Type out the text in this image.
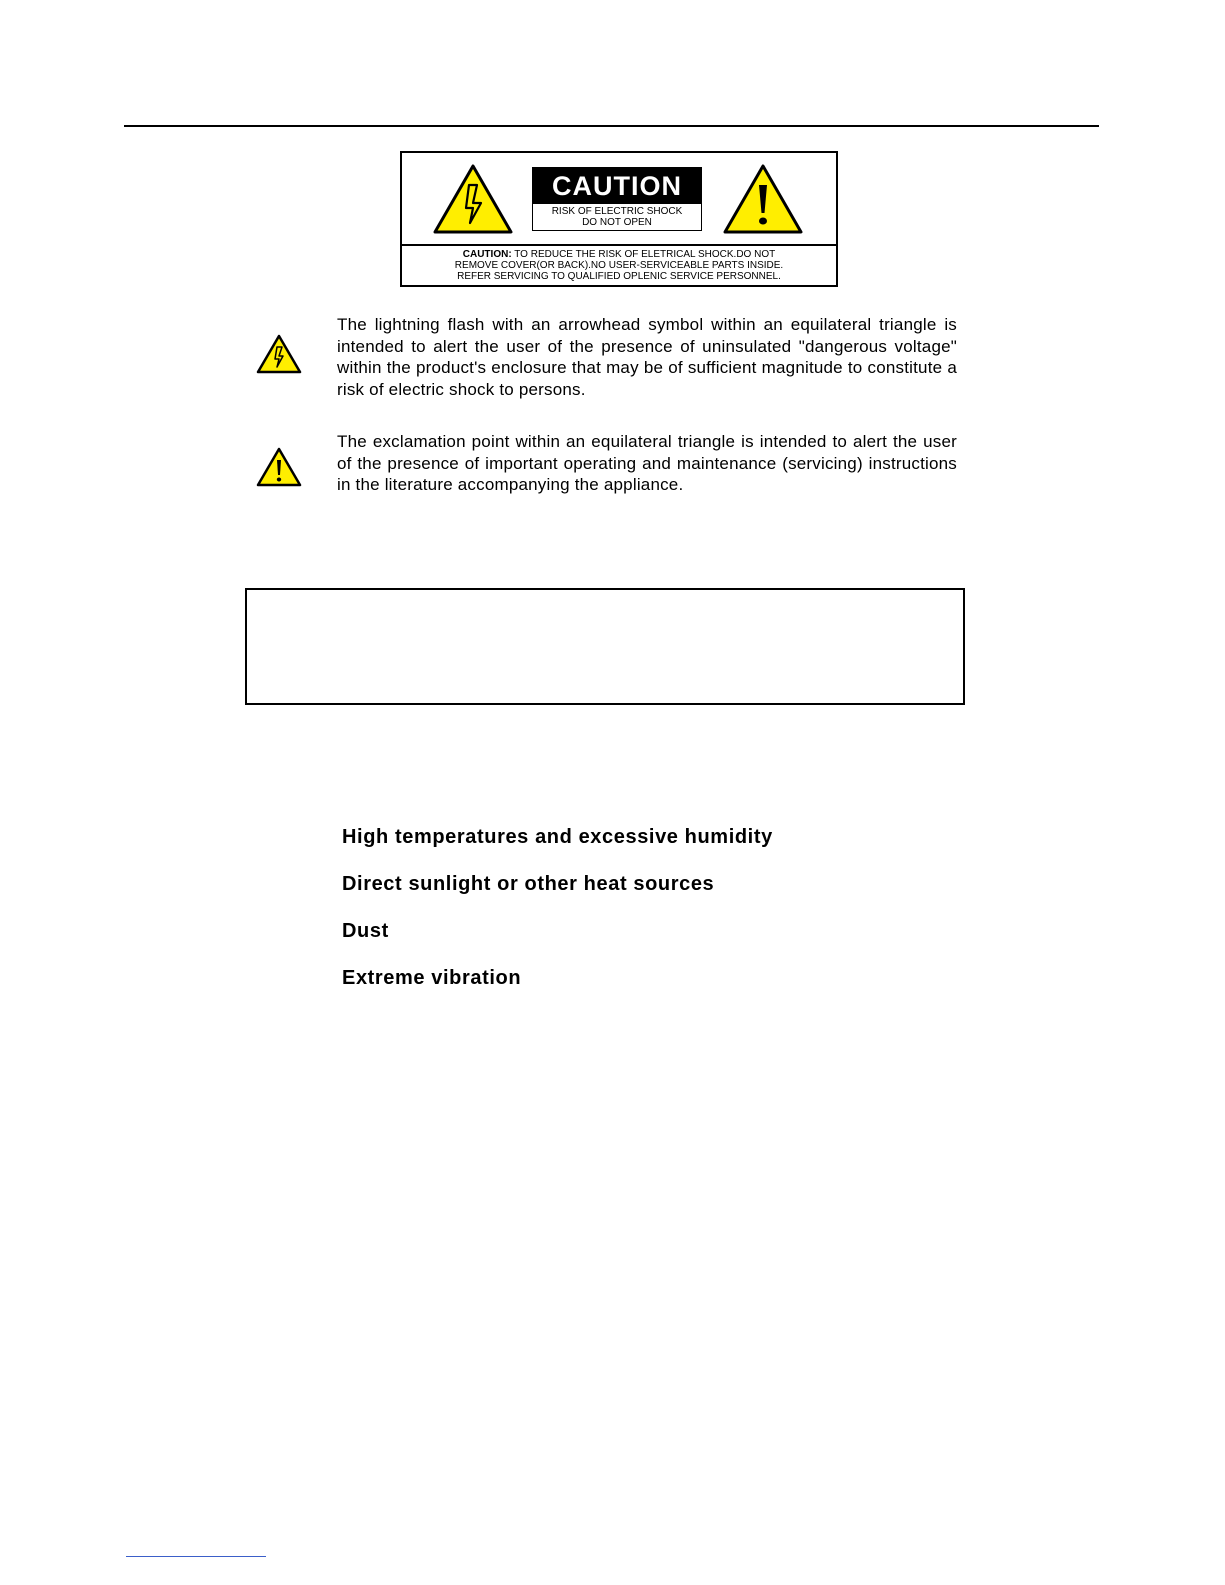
CAUTION
RISK OF ELECTRIC SHOCK
DO NOT OPEN
CAUTION: TO REDUCE THE RISK OF ELETRICAL SHOCK.DO NOT
REMOVE COVER(OR BACK).NO USER-SERVICEABLE PARTS INSIDE.
REFER SERVICING TO QUALIFIED OPLENIC SERVICE PERSONNEL.

The lightning flash with an arrowhead symbol within an equilateral triangle is intended to alert the user of the presence of uninsulated "dangerous voltage" within the product's enclosure that may be of sufficient magnitude to constitute a risk of electric shock to persons.

The exclamation point within an equilateral triangle is intended to alert the user of the presence of important operating and maintenance (servicing) instructions in the literature accompanying the appliance.

High temperatures and excessive humidity
Direct sunlight or other heat sources
Dust
Extreme vibration
